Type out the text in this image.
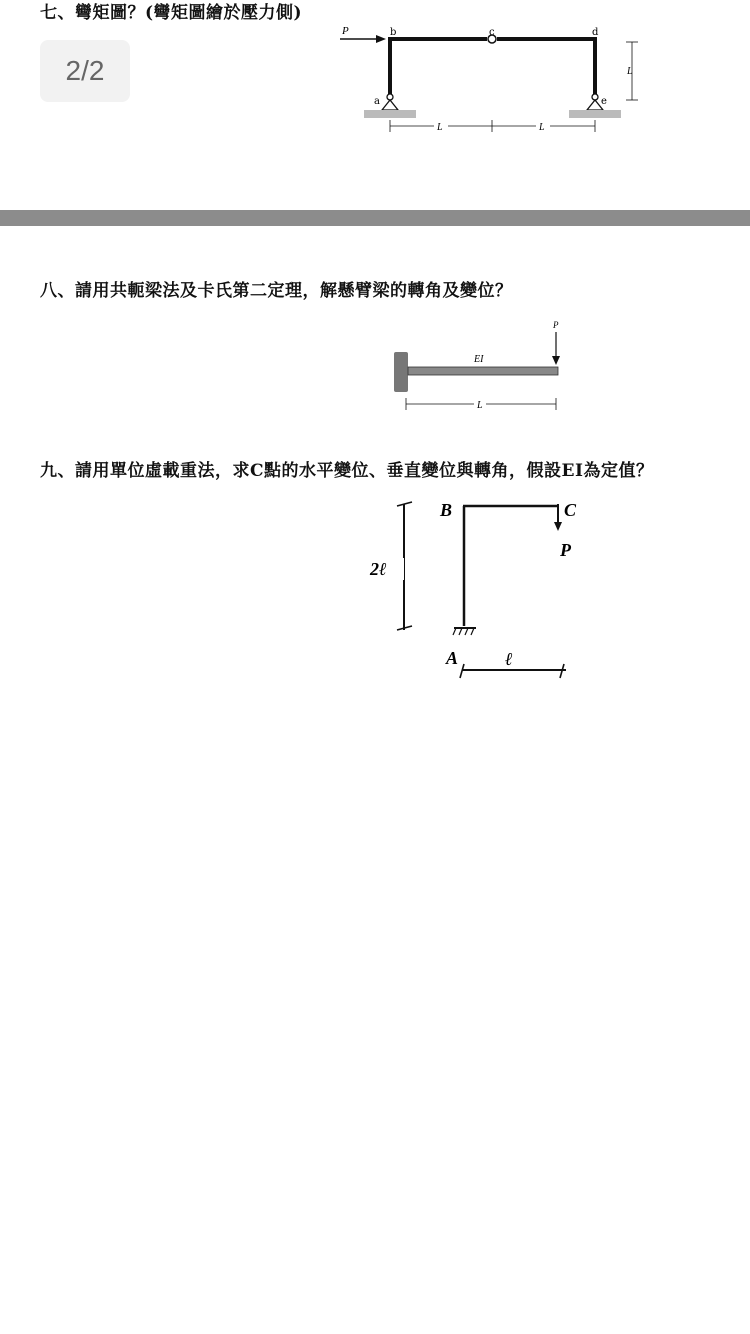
七、彎矩圖？(彎矩圖繪於壓力側)
2/2
P
a
b	c	d
e
L
L	L
八、請用共軛梁法及卡氏第二定理，解懸臂梁的轉角及變位？
P
EI
L
九、請用單位虛載重法，求C點的水平變位、垂直變位與轉角，假設EI為定值？
B	C
P
A
2ℓ
ℓ
